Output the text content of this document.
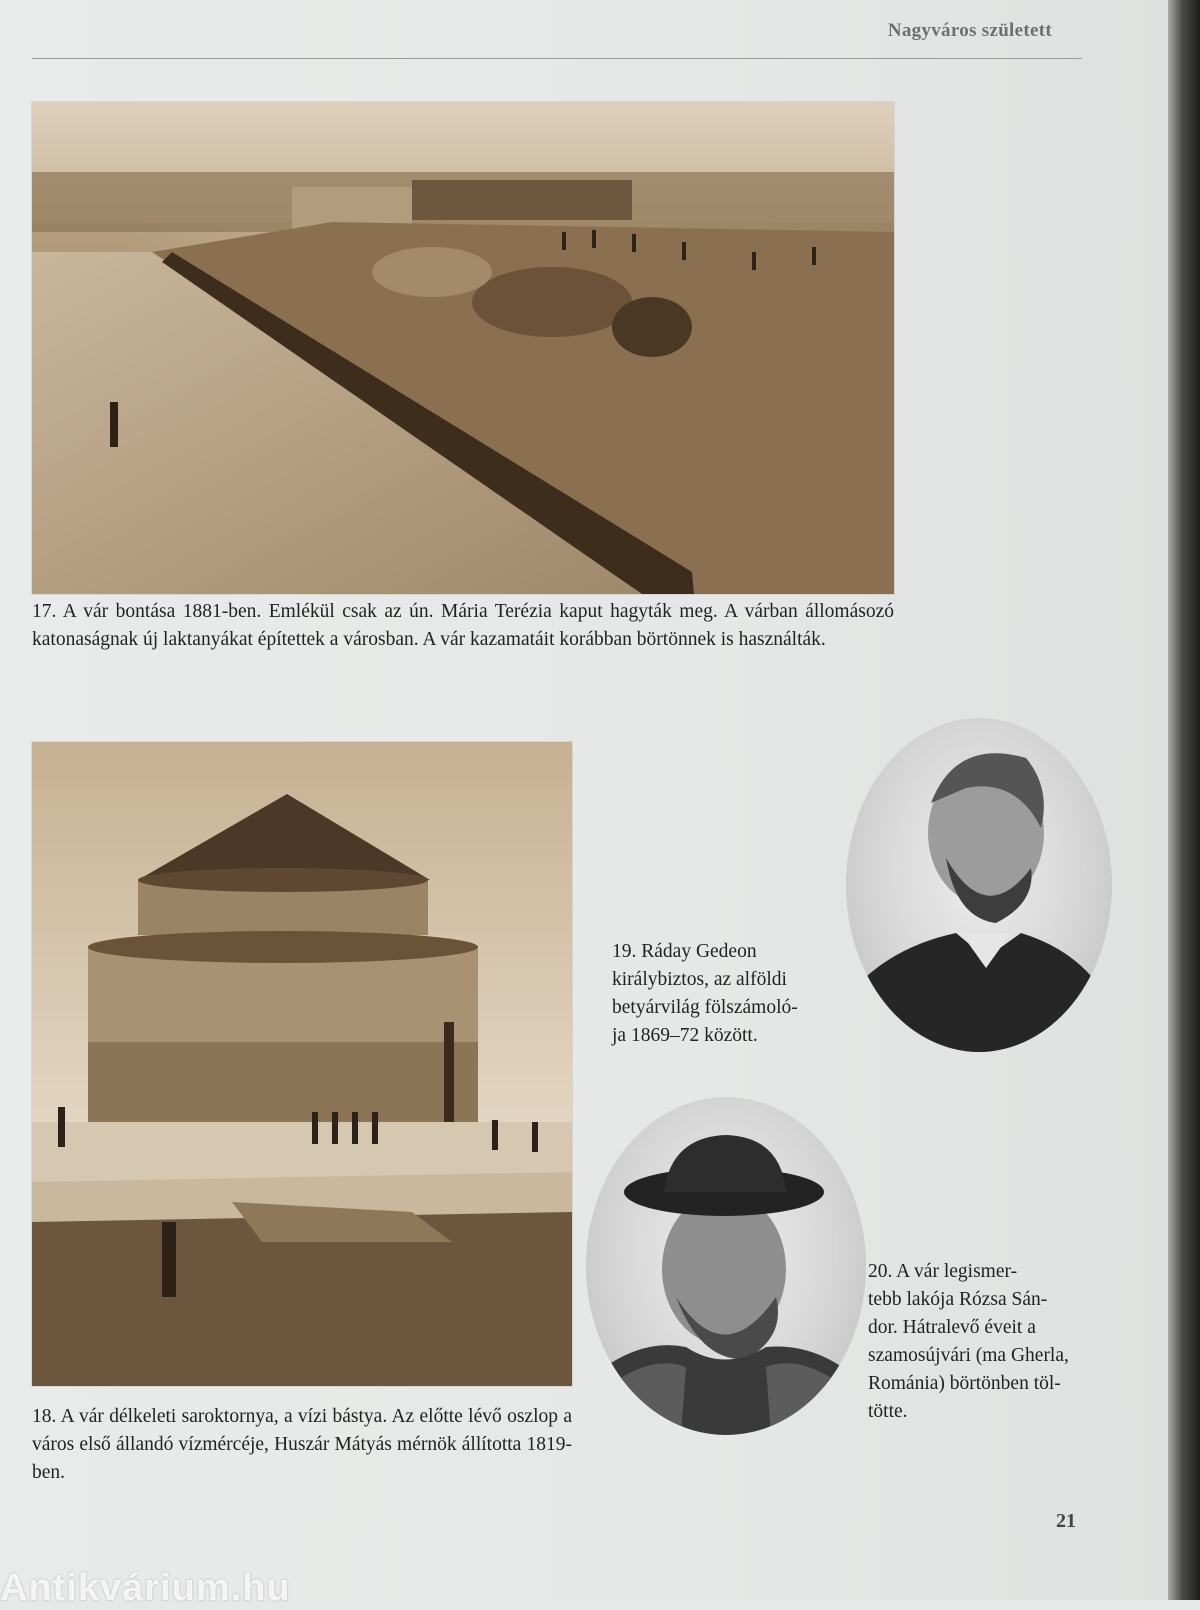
Nagyváros született
17. A vár bontása 1881-ben. Emlékül csak az ún. Mária Terézia kaput hagyták meg. A várban állomásozó katonaságnak új laktanyákat építettek a városban. A vár kazamatáit korábban börtönnek is használták.
18. A vár délkeleti saroktornya, a vízi bástya. Az előtte lévő oszlop a város első állandó vízmércéje, Huszár Mátyás mérnök állította 1819-ben.
19. Ráday Gedeon
királybiztos, az alföldi
betyárvilág fölszámoló-
ja 1869–72 között.
20. A vár legismer-
tebb lakója Rózsa Sán-
dor. Hátralevő éveit a
szamosújvári (ma Gherla,
Románia) börtönben töl-
tötte.
21
Antikvárium.hu
